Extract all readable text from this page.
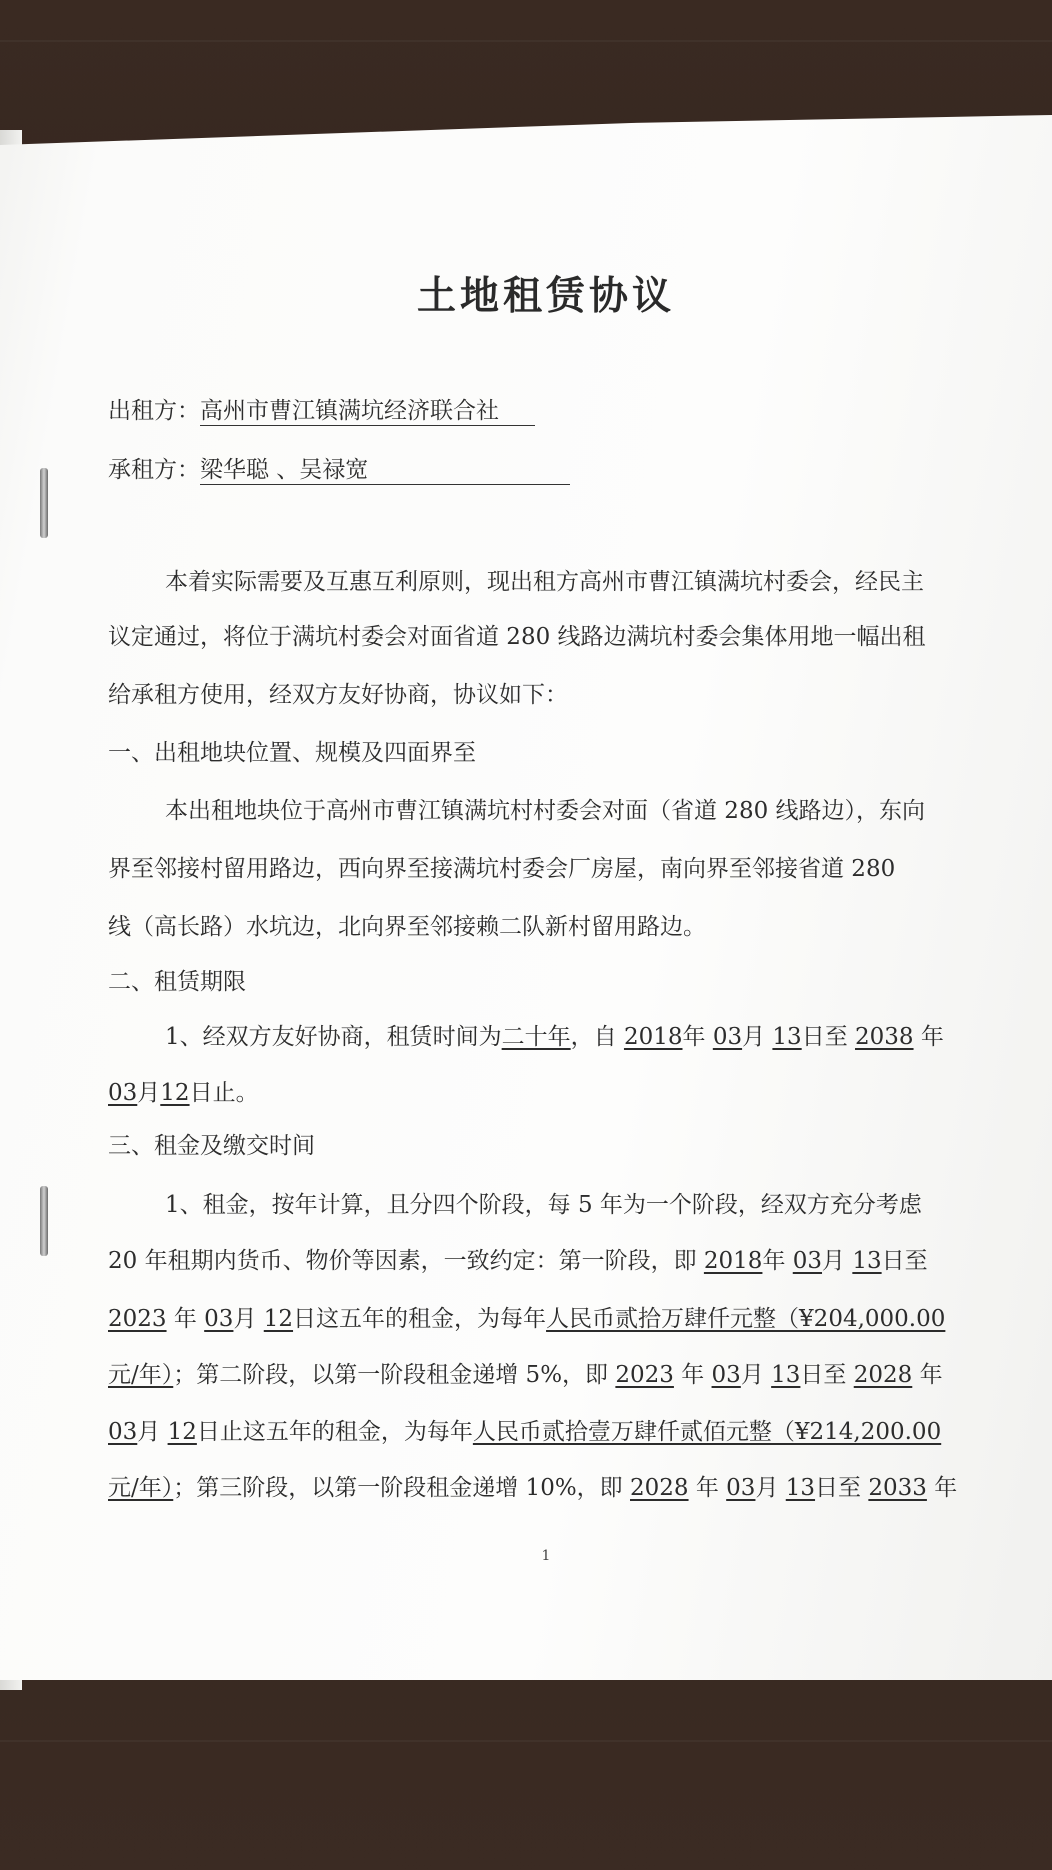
土地租赁协议
出租方：高州市曹江镇满坑经济联合社
承租方：梁华聪 、吴禄宽
本着实际需要及互惠互利原则，现出租方高州市曹江镇满坑村委会，经民主
议定通过，将位于满坑村委会对面省道 280 线路边满坑村委会集体用地一幅出租
给承租方使用，经双方友好协商，协议如下：
一、出租地块位置、规模及四面界至
本出租地块位于高州市曹江镇满坑村村委会对面（省道 280 线路边），东向
界至邻接村留用路边，西向界至接满坑村委会厂房屋，南向界至邻接省道 280
线（高长路）水坑边，北向界至邻接赖二队新村留用路边。
二、租赁期限
1、经双方友好协商，租赁时间为二十年，自 2018年 03月 13日至 2038 年
03月12日止。
三、租金及缴交时间
1、租金，按年计算，且分四个阶段，每 5 年为一个阶段，经双方充分考虑
20 年租期内货币、物价等因素，一致约定：第一阶段，即 2018年 03月 13日至
2023 年 03月 12日这五年的租金，为每年人民币贰拾万肆仟元整（¥204,000.00
元/年）；第二阶段，以第一阶段租金递增 5%，即 2023 年 03月 13日至 2028 年
03月 12日止这五年的租金，为每年人民币贰拾壹万肆仟贰佰元整（¥214,200.00
元/年）；第三阶段，以第一阶段租金递增 10%，即 2028 年 03月 13日至 2033 年
1
